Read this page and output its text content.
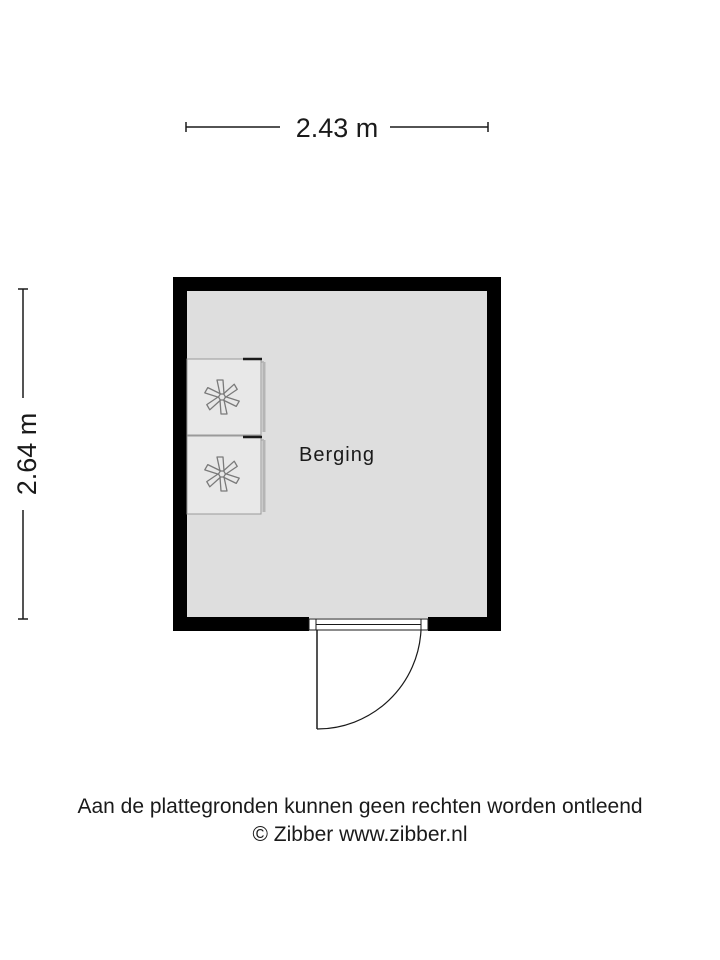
2.43 m
2.64 m	Berging
Aan de plattegronden kunnen geen rechten worden ontleend
© Zibber www.zibber.nl
